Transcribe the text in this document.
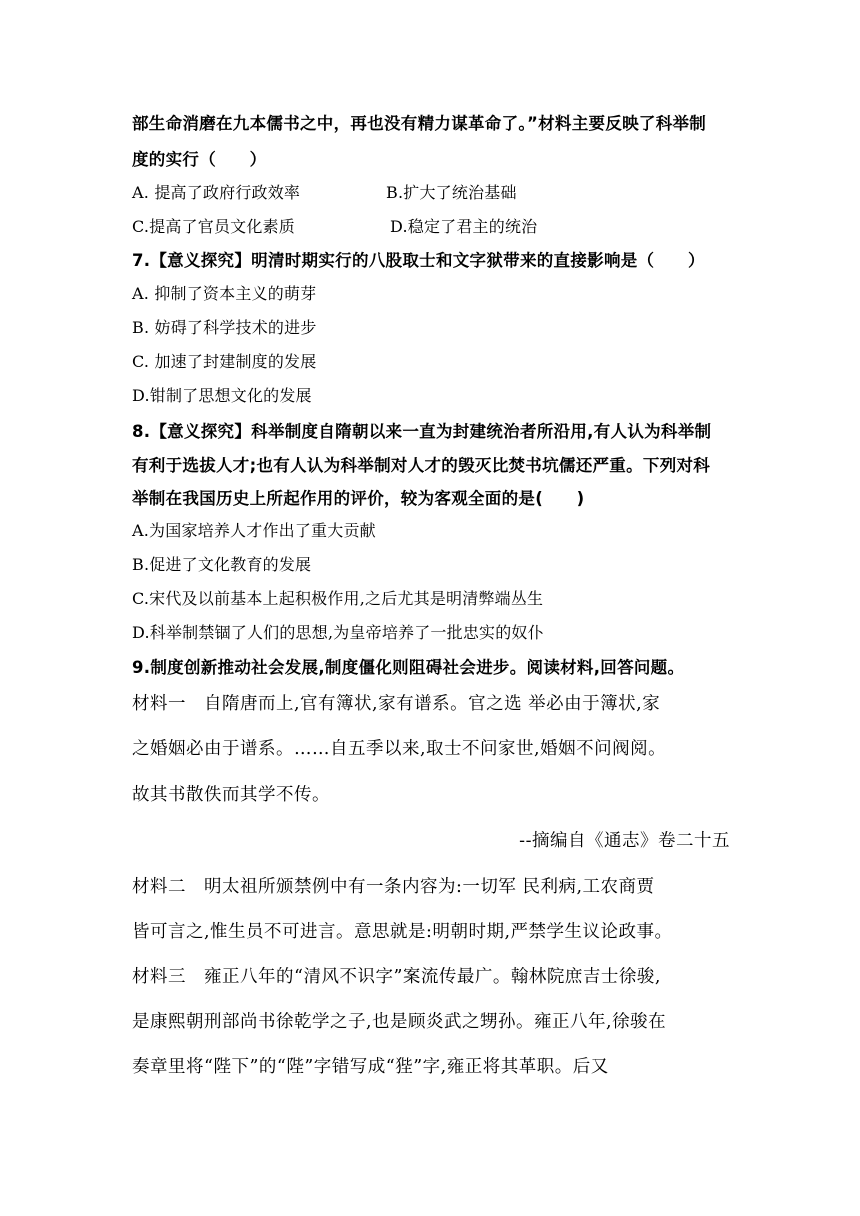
部生命消磨在九本儒书之中，再也没有精力谋革命了。”材料主要反映了科举制
度的实行（　　）
A. 提高了政府行政效率	B.扩大了统治基础
C.提高了官员文化素质	D.稳定了君主的统治
7.【意义探究】明清时期实行的八股取士和文字狱带来的直接影响是（　　）
A. 抑制了资本主义的萌芽
B. 妨碍了科学技术的进步
C. 加速了封建制度的发展
D.钳制了思想文化的发展
8.【意义探究】科举制度自隋朝以来一直为封建统治者所沿用,有人认为科举制
有利于选拔人才;也有人认为科举制对人才的毁灭比焚书坑儒还严重。下列对科
举制在我国历史上所起作用的评价，较为客观全面的是(　　)
A.为国家培养人才作出了重大贡献
B.促进了文化教育的发展
C.宋代及以前基本上起积极作用,之后尤其是明清弊端丛生
D.科举制禁锢了人们的思想,为皇帝培养了一批忠实的奴仆
9.制度创新推动社会发展,制度僵化则阻碍社会进步。阅读材料,回答问题。
材料一　自隋唐而上,官有簿状,家有谱系。官之选 举必由于簿状,家
之婚姻必由于谱系。……自五季以来,取士不问家世,婚姻不问阀阅。
故其书散佚而其学不传。
--摘编自《通志》卷二十五
材料二　明太祖所颁禁例中有一条内容为:一切军 民利病,工农商贾
皆可言之,惟生员不可进言。意思就是:明朝时期,严禁学生议论政事。
材料三　雍正八年的“清风不识字”案流传最广。翰林院庶吉士徐骏,
是康熙朝刑部尚书徐乾学之子,也是顾炎武之甥孙。雍正八年,徐骏在
奏章里将“陛下”的“陛”字错写成“狴”字,雍正将其革职。后又
